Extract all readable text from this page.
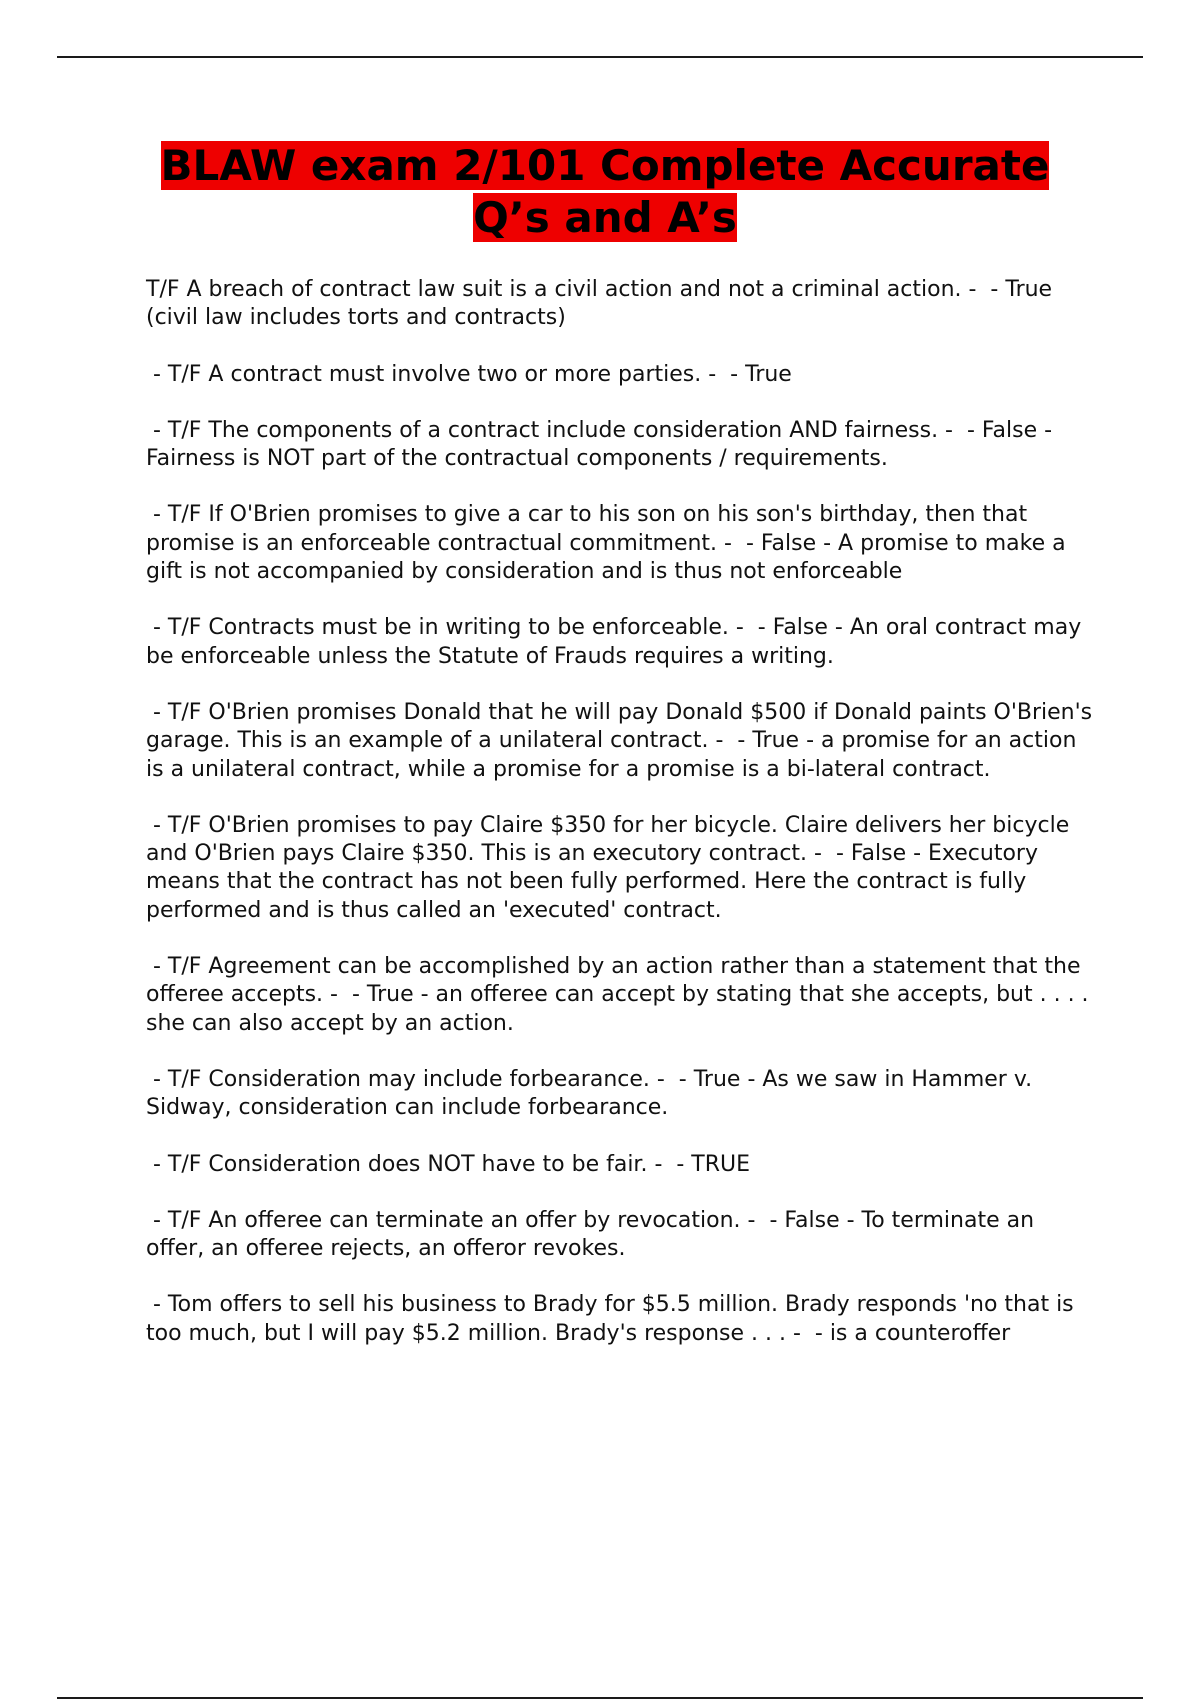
BLAW exam 2/101 Complete Accurate Q’s and A’s

T/F A breach of contract law suit is a civil action and not a criminal action. -  - True (civil law includes torts and contracts)

- T/F A contract must involve two or more parties. -  - True

- T/F The components of a contract include consideration AND fairness. -  - False - Fairness is NOT part of the contractual components / requirements.

- T/F If O'Brien promises to give a car to his son on his son's birthday, then that promise is an enforceable contractual commitment. -  - False - A promise to make a gift is not accompanied by consideration and is thus not enforceable

- T/F Contracts must be in writing to be enforceable. -  - False - An oral contract may be enforceable unless the Statute of Frauds requires a writing.

- T/F O'Brien promises Donald that he will pay Donald $500 if Donald paints O'Brien's garage. This is an example of a unilateral contract. -  - True - a promise for an action is a unilateral contract, while a promise for a promise is a bi-lateral contract.

- T/F O'Brien promises to pay Claire $350 for her bicycle. Claire delivers her bicycle and O'Brien pays Claire $350. This is an executory contract. -  - False - Executory means that the contract has not been fully performed. Here the contract is fully performed and is thus called an 'executed' contract.

- T/F Agreement can be accomplished by an action rather than a statement that the offeree accepts. -  - True - an offeree can accept by stating that she accepts, but . . . . she can also accept by an action.

- T/F Consideration may include forbearance. -  - True - As we saw in Hammer v. Sidway, consideration can include forbearance.

- T/F Consideration does NOT have to be fair. -  - TRUE

- T/F An offeree can terminate an offer by revocation. -  - False - To terminate an offer, an offeree rejects, an offeror revokes.

- Tom offers to sell his business to Brady for $5.5 million. Brady responds 'no that is too much, but I will pay $5.2 million. Brady's response . . . -  - is a counteroffer
